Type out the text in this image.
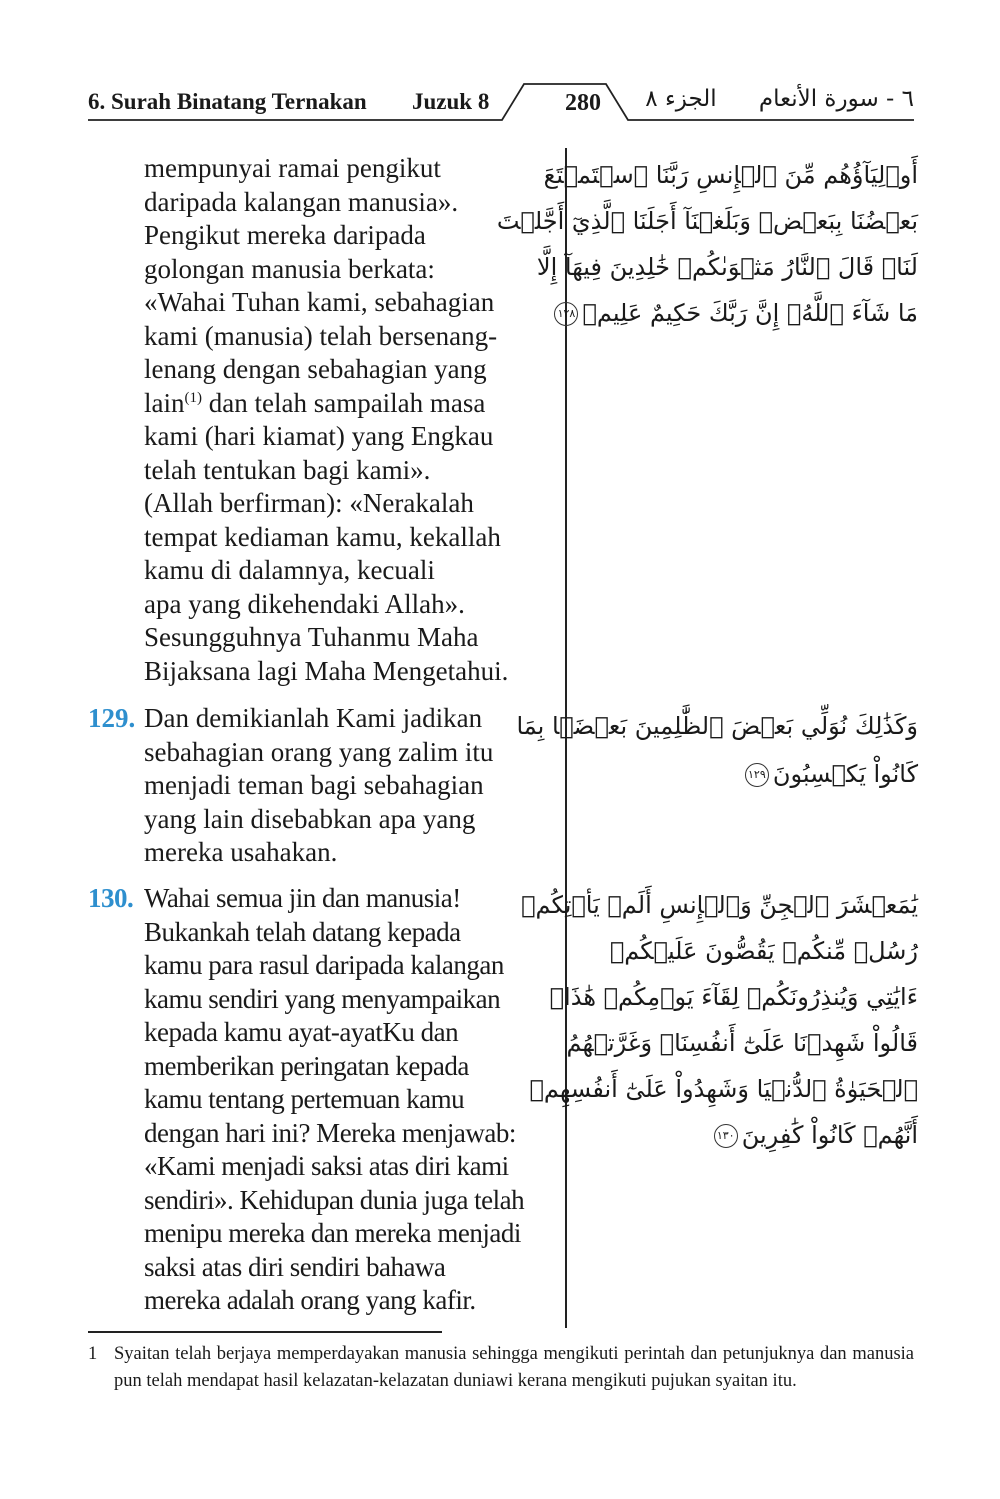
6. Surah Binatang Ternakan Juzuk 8	280	الجزء ٨	٦ - سورة الأنعام
mempunyai ramai pengikut
daripada kalangan manusia».
Pengikut mereka daripada
golongan manusia berkata:
«Wahai Tuhan kami, sebahagian
kami (manusia) telah bersenang-
lenang dengan sebahagian yang
lain$^{(1)}$ dan telah sampailah masa
kami (hari kiamat) yang Engkau
telah tentukan bagi kami».
(Allah berfirman): «Nerakalah
tempat kediaman kamu, kekallah
kamu di dalamnya, kecuali
apa yang dikehendaki Allah».
Sesungguhnya Tuhanmu Maha
Bijaksana lagi Maha Mengetahui.
أَوۡلِيَآؤُهُم مِّنَ ٱلۡإِنسِ رَبَّنَا ٱسۡتَمۡتَعَ
بَعۡضُنَا بِبَعۡضٖ وَبَلَغۡنَآ أَجَلَنَا ٱلَّذِيٓ أَجَّلۡتَ
لَنَاۚ قَالَ ٱلنَّارُ مَثۡوَىٰكُمۡ خَٰلِدِينَ فِيهَآ إِلَّا
مَا شَآءَ ٱللَّهُۚ إِنَّ رَبَّكَ حَكِيمٌ عَلِيمٞ١٢٨
129. Dan demikianlah Kami jadikan
sebahagian orang yang zalim itu
menjadi teman bagi sebahagian
yang lain disebabkan apa yang
mereka usahakan.
وَكَذَٰلِكَ نُوَلِّي بَعۡضَ ٱلظَّٰلِمِينَ بَعۡضَۢا بِمَا
كَانُواْ يَكۡسِبُونَ١٢٩
130. Wahai semua jin dan manusia!
Bukankah telah datang kepada
kamu para rasul daripada kalangan
kamu sendiri yang menyampaikan
kepada kamu ayat-ayatKu dan
memberikan peringatan kepada
kamu tentang pertemuan kamu
dengan hari ini? Mereka menjawab:
«Kami menjadi saksi atas diri kami
sendiri». Kehidupan dunia juga telah
menipu mereka dan mereka menjadi
saksi atas diri sendiri bahawa
mereka adalah orang yang kafir.
يَٰمَعۡشَرَ ٱلۡجِنِّ وَٱلۡإِنسِ أَلَمۡ يَأۡتِكُمۡ
رُسُلٞ مِّنكُمۡ يَقُصُّونَ عَلَيۡكُمۡ
ءَايَٰتِي وَيُنذِرُونَكُمۡ لِقَآءَ يَوۡمِكُمۡ هَٰذَاۚ
قَالُواْ شَهِدۡنَا عَلَىٰٓ أَنفُسِنَاۖ وَغَرَّتۡهُمُ
ٱلۡحَيَوٰةُ ٱلدُّنۡيَا وَشَهِدُواْ عَلَىٰٓ أَنفُسِهِمۡ
أَنَّهُمۡ كَانُواْ كَٰفِرِينَ١٣٠
1 Syaitan telah berjaya memperdayakan manusia sehingga mengikuti perintah dan petunjuknya dan manusia pun telah mendapat hasil kelazatan-kelazatan duniawi kerana mengikuti pujukan syaitan itu.
